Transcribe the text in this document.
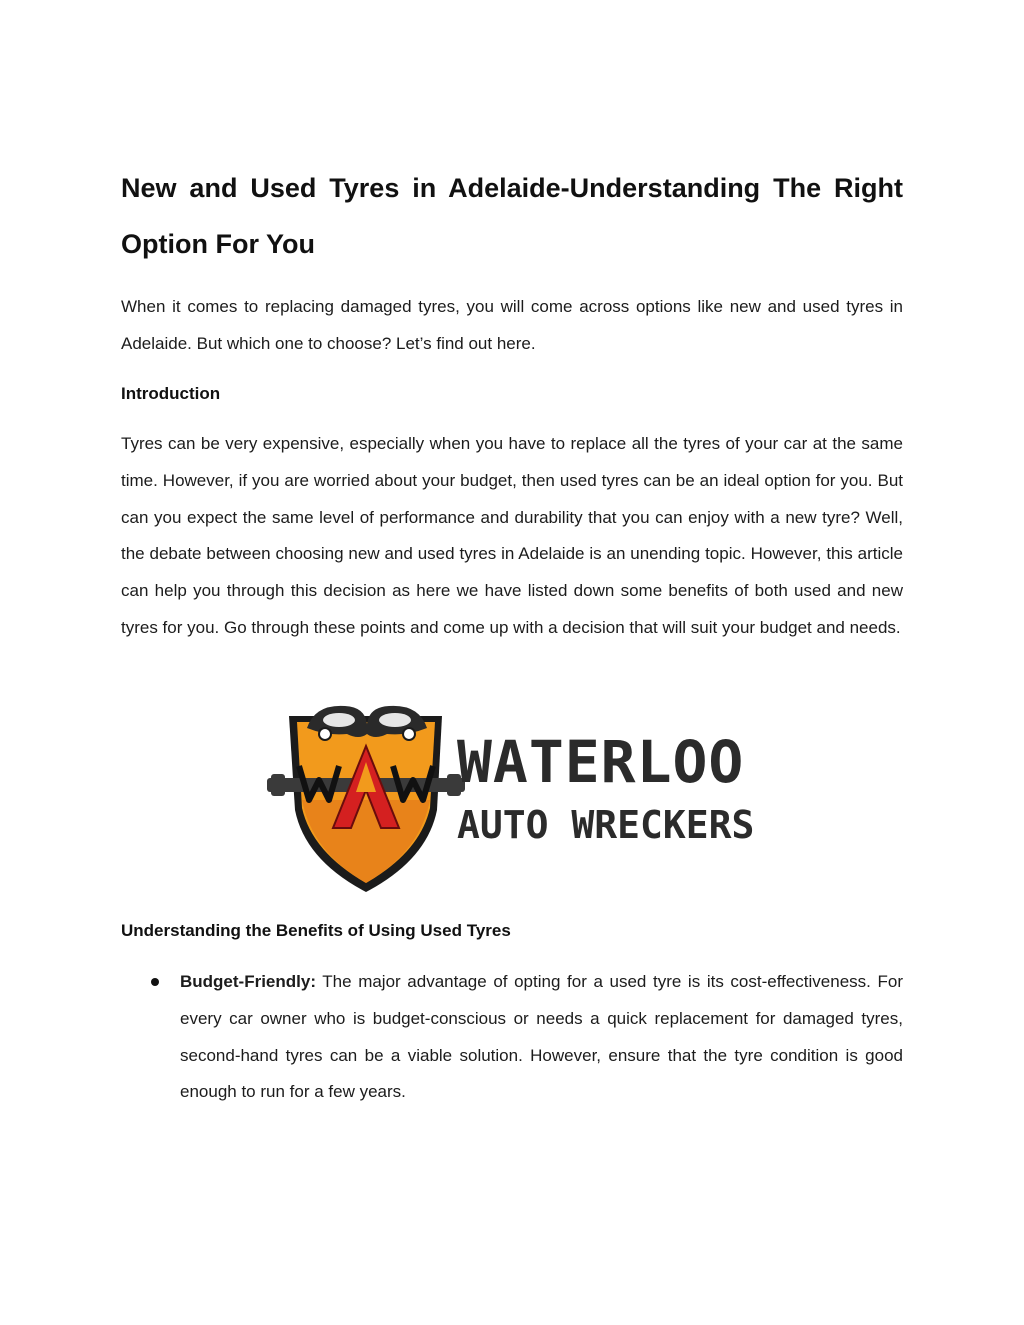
New and Used Tyres in Adelaide-Understanding The Right Option For You

When it comes to replacing damaged tyres, you will come across options like new and used tyres in Adelaide. But which one to choose? Let’s find out here.

Introduction

Tyres can be very expensive, especially when you have to replace all the tyres of your car at the same time. However, if you are worried about your budget, then used tyres can be an ideal option for you. But can you expect the same level of performance and durability that you can enjoy with a new tyre? Well, the debate between choosing new and used tyres in Adelaide is an unending topic. However, this article can help you through this decision as here we have listed down some benefits of both used and new tyres for you. Go through these points and come up with a decision that will suit your budget and needs.

WATERLOO
AUTO WRECKERS
Understanding the Benefits of Using Used Tyres
Budget-Friendly: The major advantage of opting for a used tyre is its cost-effectiveness. For every car owner who is budget-conscious or needs a quick replacement for damaged tyres, second-hand tyres can be a viable solution. However, ensure that the tyre condition is good enough to run for a few years.
